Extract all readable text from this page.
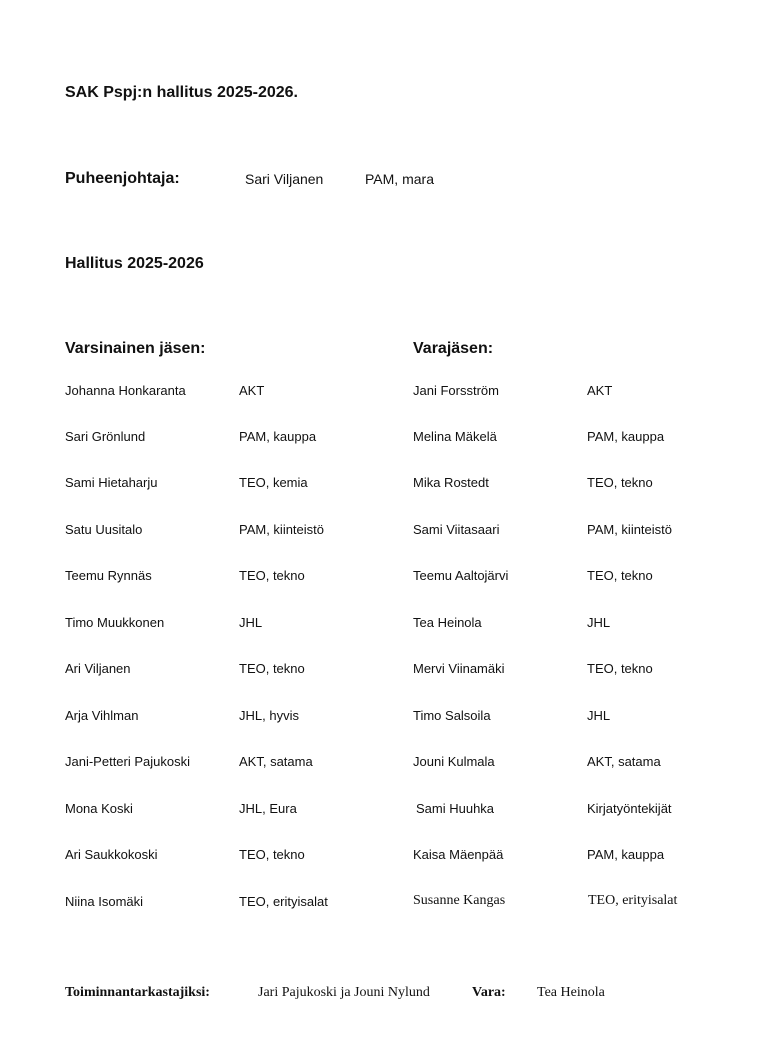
SAK Pspj:n hallitus 2025-2026.
Puheenjohtaja:	Sari Viljanen	PAM, mara
Hallitus 2025-2026
Varsinainen jäsen:	Varajäsen:
Johanna Honkaranta	AKT	Jani Forsström	AKT
Sari Grönlund	PAM, kauppa	Melina Mäkelä	PAM, kauppa
Sami Hietaharju	TEO, kemia	Mika Rostedt	TEO, tekno
Satu Uusitalo	PAM, kiinteistö	Sami Viitasaari	PAM, kiinteistö
Teemu Rynnäs	TEO, tekno	Teemu Aaltojärvi	TEO, tekno
Timo Muukkonen	JHL	Tea Heinola	JHL
Ari Viljanen	TEO, tekno	Mervi Viinamäki	TEO, tekno
Arja Vihlman	JHL, hyvis	Timo Salsoila	JHL
Jani-Petteri Pajukoski	AKT, satama	Jouni Kulmala	AKT, satama
Mona Koski	JHL, Eura	Sami Huuhka	Kirjatyöntekijät
Ari Saukkokoski	TEO, tekno	Kaisa Mäenpää	PAM, kauppa
Niina Isomäki	TEO, erityisalat	Susanne Kangas	TEO, erityisalat
Toiminnantarkastajiksi:	Jari Pajukoski ja Jouni Nylund	Vara: Tea Heinola
